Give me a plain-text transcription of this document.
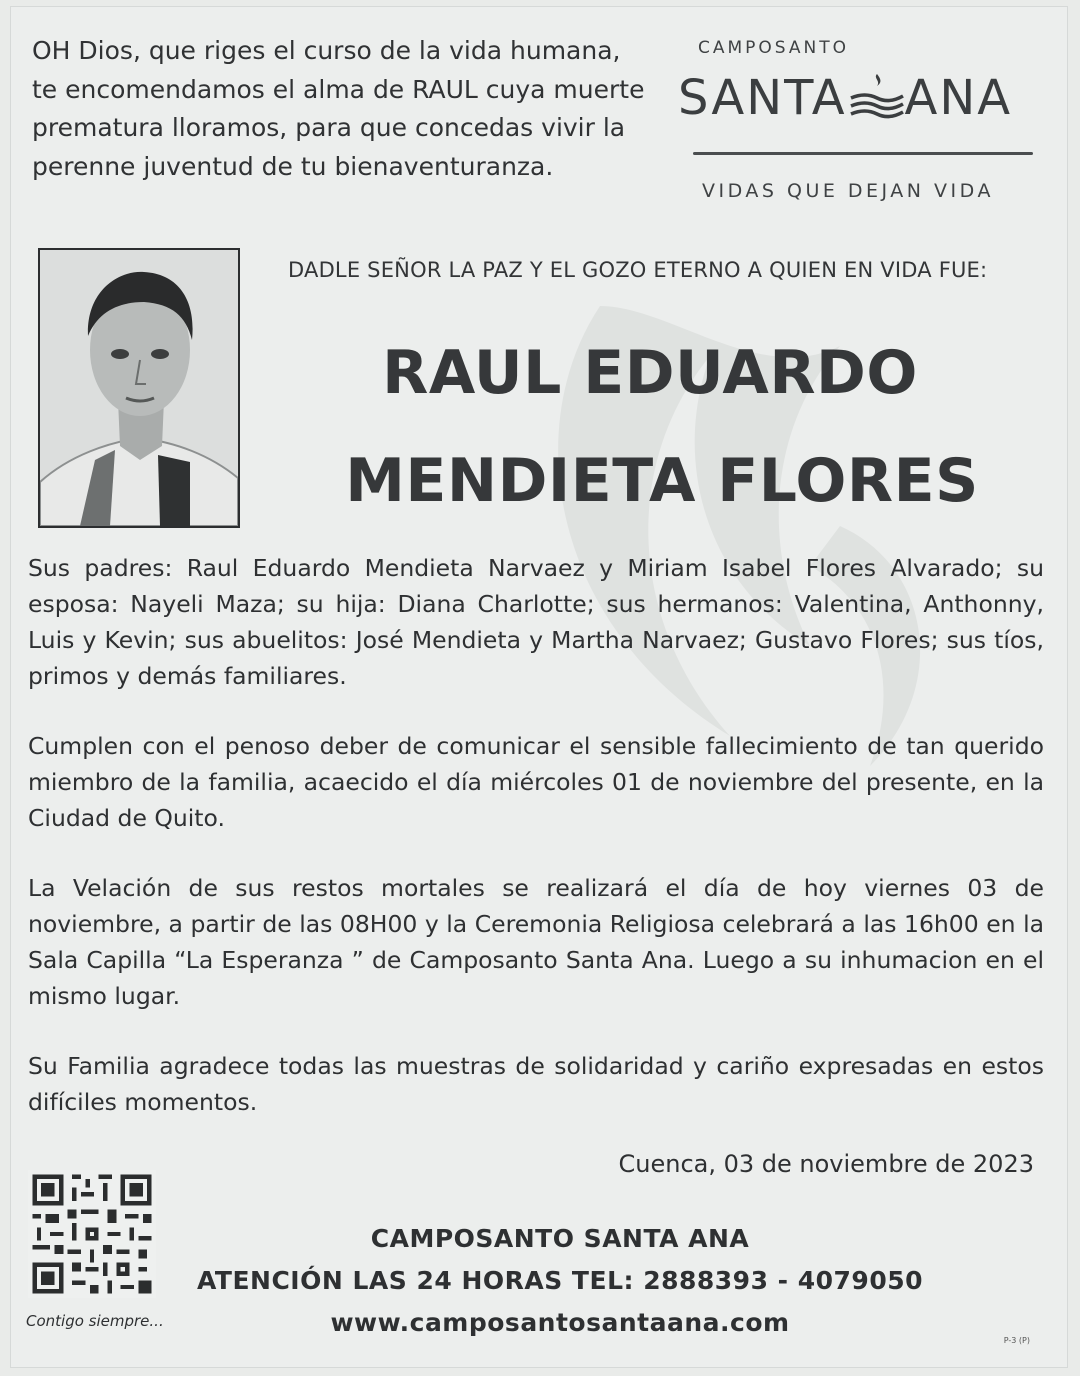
OH Dios, que riges el curso de la vida humana, te encomendamos el alma de RAUL cuya muerte prematura lloramos, para que concedas vivir la perenne juventud de tu bienaventuranza.
CAMPOSANTO
SANTA ANA
VIDAS QUE DEJAN VIDA
DADLE SEÑOR LA PAZ Y EL GOZO ETERNO A QUIEN EN VIDA FUE:
RAUL EDUARDO
MENDIETA FLORES
Sus padres: Raul Eduardo Mendieta Narvaez y Miriam Isabel Flores Alvarado; su esposa: Nayeli Maza; su hija: Diana Charlotte; sus hermanos: Valentina, Anthonny, Luis y Kevin; sus abuelitos: José Mendieta y Martha Narvaez; Gustavo Flores; sus tíos, primos y demás familiares.
Cumplen con el penoso deber de comunicar el sensible fallecimiento de tan querido miembro de la familia, acaecido el día miércoles 01 de noviembre del presente, en la Ciudad de Quito.
La Velación de sus restos mortales se realizará el día de hoy viernes 03 de noviembre, a partir de las 08H00 y la Ceremonia Religiosa celebrará a las 16h00 en la Sala Capilla “La Esperanza ” de Camposanto Santa Ana. Luego a su inhumacion en el mismo lugar.
Su Familia agradece todas las muestras de solidaridad y cariño expresadas en estos difíciles momentos.
Cuenca, 03 de noviembre de 2023
Contigo siempre...
CAMPOSANTO SANTA ANA
ATENCIÓN LAS 24 HORAS TEL: 2888393 - 4079050
www.camposantosantaana.com
P-3 (P)
